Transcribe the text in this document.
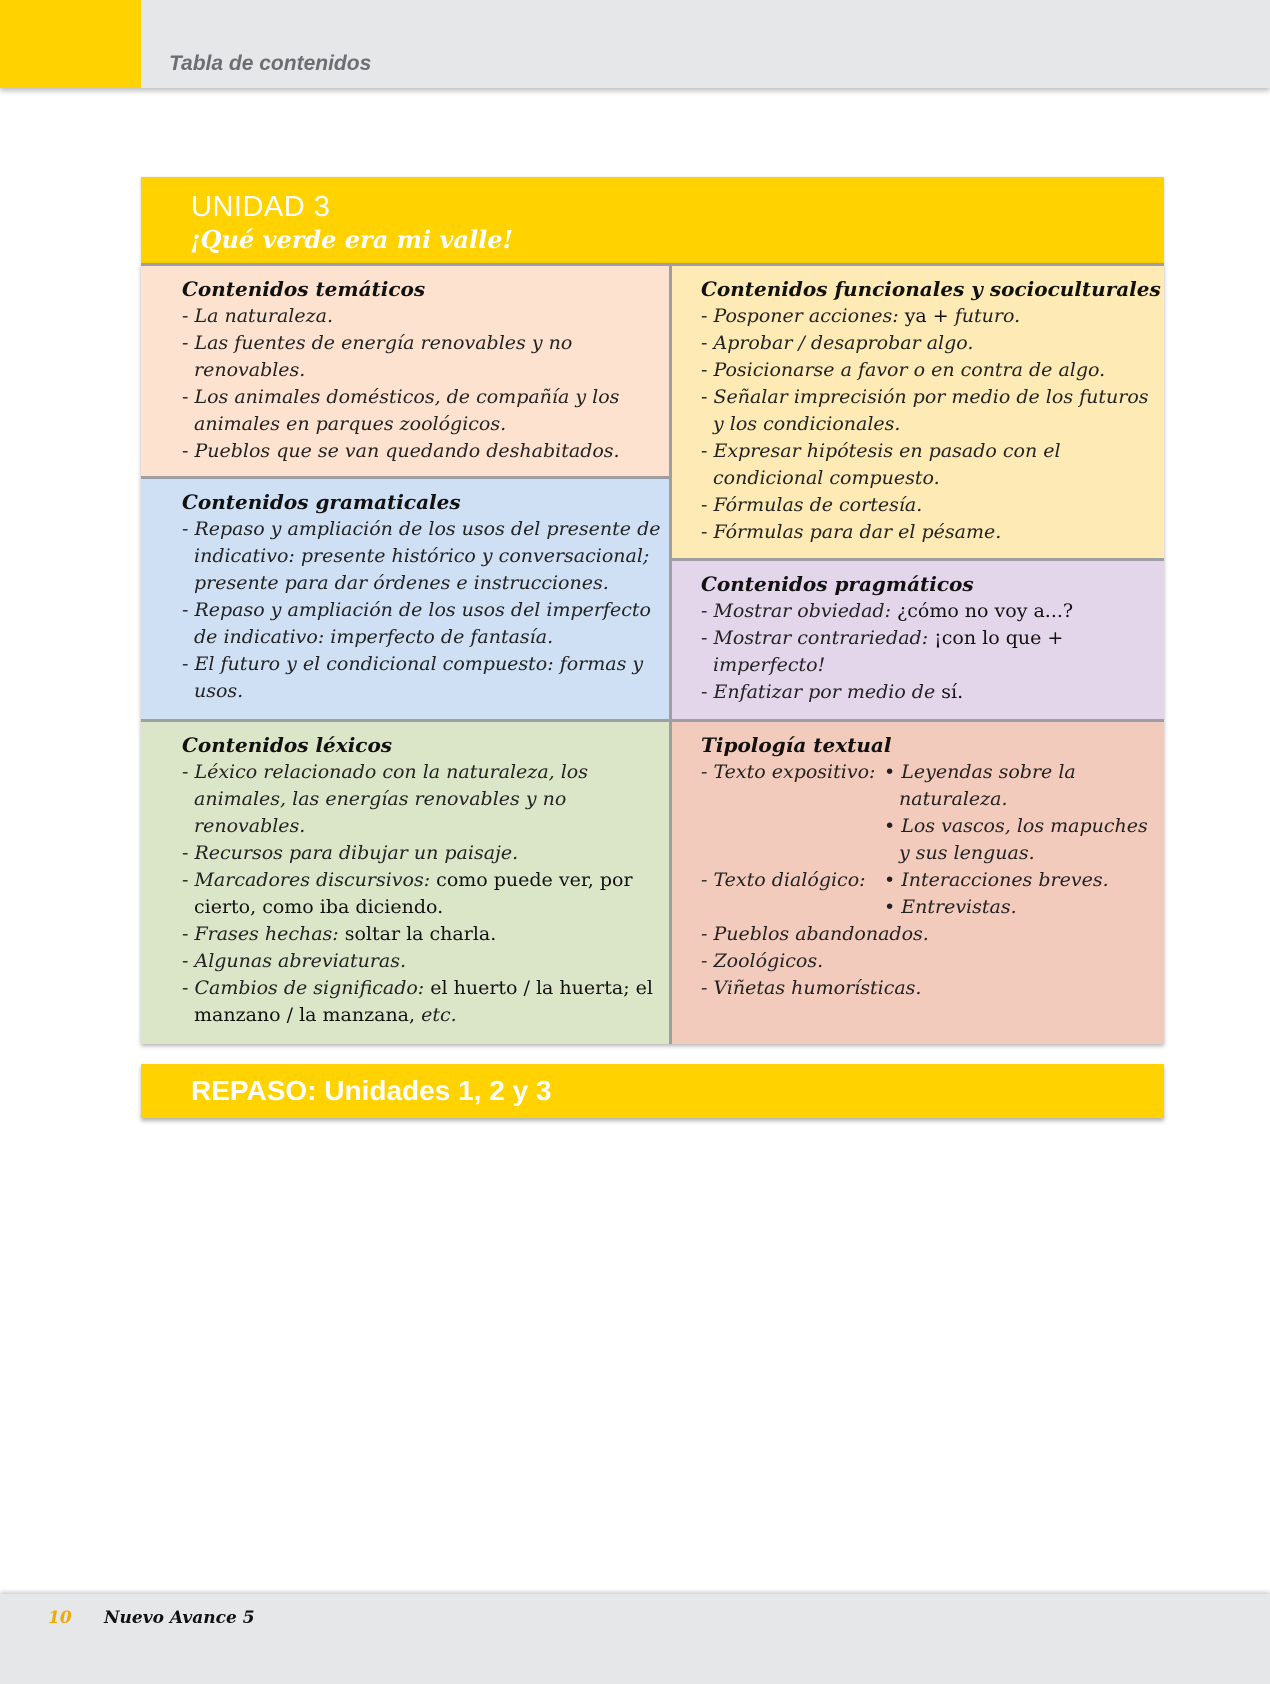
Tabla de contenidos
UNIDAD 3
¡Qué verde era mi valle!
Contenidos temáticos
- La naturaleza.
- Las fuentes de energía renovables y no renovables.
- Los animales domésticos, de compañía y los animales en parques zoológicos.
- Pueblos que se van quedando deshabitados.
Contenidos gramaticales
- Repaso y ampliación de los usos del presente de indicativo: presente histórico y conversacional; presente para dar órdenes e instrucciones.
- Repaso y ampliación de los usos del imperfecto de indicativo: imperfecto de fantasía.
- El futuro y el condicional compuesto: formas y usos.
Contenidos léxicos
- Léxico relacionado con la naturaleza, los animales, las energías renovables y no renovables.
- Recursos para dibujar un paisaje.
- Marcadores discursivos: como puede ver, por cierto, como iba diciendo.
- Frases hechas: soltar la charla.
- Algunas abreviaturas.
- Cambios de significado: el huerto / la huerta; el manzano / la manzana, etc.
Contenidos funcionales y socioculturales
- Posponer acciones: ya + futuro.
- Aprobar / desaprobar algo.
- Posicionarse a favor o en contra de algo.
- Señalar imprecisión por medio de los futuros y los condicionales.
- Expresar hipótesis en pasado con el condicional compuesto.
- Fórmulas de cortesía.
- Fórmulas para dar el pésame.
Contenidos pragmáticos
- Mostrar obviedad: ¿cómo no voy a...?
- Mostrar contrariedad: ¡con lo que + imperfecto!
- Enfatizar por medio de sí.
Tipología textual
- Texto expositivo:	• Leyendas sobre la naturaleza.
• Los vascos, los mapuches y sus lenguas.
- Texto dialógico:	• Interacciones breves.
• Entrevistas.
- Pueblos abandonados.
- Zoológicos.
- Viñetas humorísticas.
REPASO: Unidades 1, 2 y 3
10 Nuevo Avance 5
